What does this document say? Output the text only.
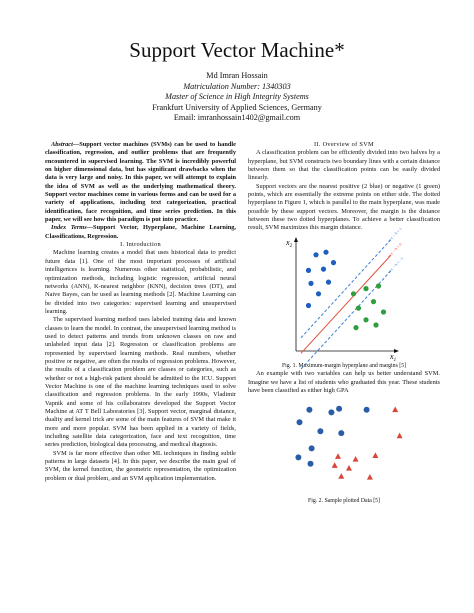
Support Vector Machine*
Md Imran Hossain
Matriculation Number: 1340303
Master of Science in High Integrity Systems
Frankfurt University of Applied Sciences, Germany
Email: imranhossain1402@gmail.com

Abstract—Support vector machines (SVMs) can be used to handle classification, regression, and outlier problems that are frequently encountered in supervised learning. The SVM is incredibly powerful on higher dimensional data, but has significant drawbacks when the data is very large and noisy. In this paper, we will attempt to explain the idea of SVM as well as the underlying mathematical theory. Support vector machines come in various forms and can be used for a variety of applications, including text categorization, practical identification, face recognition, and time series prediction. In this paper, we will see how this paradigm is put into practice.

Index Terms—Support Vector, Hyperplane, Machine Learning, Classifications, Regression.

I. Introduction

Machine learning creates a model that uses historical data to predict future data [1]. One of the most important processes of artificial intelligences is learning. Numerous other statistical, probabilistic, and optimization methods, including logistic regression, artificial neural networks (ANN), K-nearest neighbor (KNN), decision trees (DT), and Naive Bayes, can be used as learning methods [2]. Machine Learning can be divided into two categories: supervised learning and unsupervised learning.

The supervised learning method uses labeled training data and known classes to learn the model. In contrast, the unsupervised learning method is used to detect patterns and trends from unknown classes on raw and unlabeled input data [2]. Regression or classification problems are represented by supervised learning methods. Real numbers, whether positive or negative, are often the results of regression problems. However, the results of a classification problem are classes or categories, such as whether or not a high-risk patient should be admitted to the ICU. Support Vector Machine is one of the machine learning techniques used to solve classification and regression problems. In the early 1990s, Vladimir Vapnik and some of his collaborators developed the Support Vector Machine at AT T Bell Laboratories [3]. Support vector, marginal distance, duality and kernel trick are some of the main features of SVM that make it more and more popular. SVM has been applied in a variety of fields, including satellite data categorization, face and text recognition, time series prediction, biological data processing, and medical diagnosis.

SVM is far more effective than other ML techniques in finding subtle patterns in large datasets [4]. In this paper, we describe the main goal of SVM, the kernel function, the geometric representation, the optimization problem or dual problem, and an SVM application implementation.

II. Overview of SVM

A classification problem can be efficiently divided into two halves by a hyperplane, but SVM constructs two boundary lines with a certain distance between them so that the classification points can be easily divided linearly.

Support vectors are the nearest positive (2 blue) or negative (1 green) points, which are essentially the extreme points on either side. The dotted hyperplane in Figure 1, which is parallel to the main hyperplane, was made possible by these support vectors. Moreover, the margin is the distance between these two dotted hyperplanes. To achieve a better classification result, SVM maximizes this margin distance.

$x_2$
$x_1$
w·x − b = 1
w·x − b = 0
w·x − b = −1

Fig. 1. Maximum-margin hyperplane and margins [5]

An example with two variables can help us better understand SVM. Imagine we have a list of students who graduated this year. These students have been classified as either high GPA

Fig. 2. Sample plotted Data [5]
